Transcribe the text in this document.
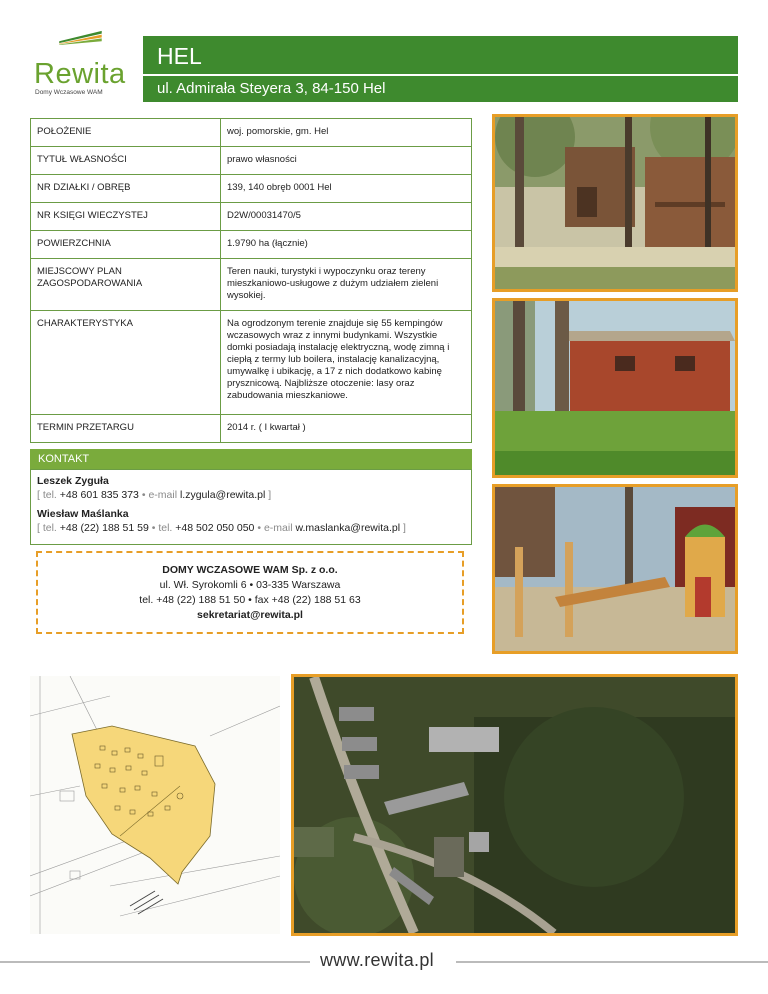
Rewita
Domy Wczasowe WAM
HEL
ul. Admirała Steyera 3, 84-150 Hel
POŁOŻENIE	woj. pomorskie, gm. Hel
TYTUŁ WŁASNOŚCI	prawo własności
NR DZIAŁKI / OBRĘB	139, 140 obręb 0001 Hel
NR KSIĘGI WIECZYSTEJ	D2W/00031470/5
POWIERZCHNIA	1.9790 ha (łącznie)
MIEJSCOWY PLAN ZAGOSPODAROWANIA	Teren nauki, turystyki i wypoczynku oraz tereny mieszkaniowo-usługowe z dużym udziałem zieleni wysokiej.
CHARAKTERYSTYKA	Na ogrodzonym terenie znajduje się 55 kempingów wczasowych wraz z innymi budynkami. Wszystkie domki posiadają instalację elektryczną, wodę zimną i ciepłą z termy lub boilera, instalację kanalizacyjną, umywalkę i ubikację, a 17 z nich dodatkowo kabinę prysznicową. Najbliższe otoczenie: lasy oraz zabudowania mieszkaniowe.
TERMIN PRZETARGU	2014 r. ( I kwartał )
KONTAKT
Leszek Zyguła
[ tel. +48 601 835 373 • e-mail l.zygula@rewita.pl ]
Wiesław Maślanka
[ tel. +48 (22) 188 51 59 • tel. +48 502 050 050 • e-mail w.maslanka@rewita.pl ]
DOMY WCZASOWE WAM Sp. z o.o.
ul. Wł. Syrokomli 6 • 03-335 Warszawa
tel. +48 (22) 188 51 50 • fax +48 (22) 188 51 63
sekretariat@rewita.pl
www.rewita.pl
